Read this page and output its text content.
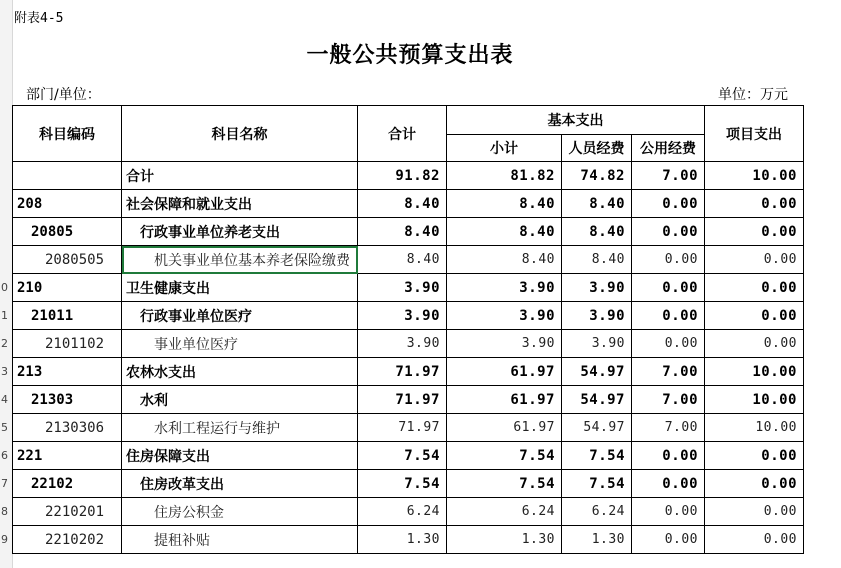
0
1
2
3
4
5
6
7
8
9
附表4-5
一般公共预算支出表
部门/单位：	单位：万元
科目编码	科目名称	合计	基本支出			项目支出
			小计	人员经费	公用经费	
	合计	91.82	81.82	74.82	7.00	10.00
208	社会保障和就业支出	8.40	8.40	8.40	0.00	0.00
20805	行政事业单位养老支出	8.40	8.40	8.40	0.00	0.00
2080505	机关事业单位基本养老保险缴费	8.40	8.40	8.40	0.00	0.00
210	卫生健康支出	3.90	3.90	3.90	0.00	0.00
21011	行政事业单位医疗	3.90	3.90	3.90	0.00	0.00
2101102	事业单位医疗	3.90	3.90	3.90	0.00	0.00
213	农林水支出	71.97	61.97	54.97	7.00	10.00
21303	水利	71.97	61.97	54.97	7.00	10.00
2130306	水利工程运行与维护	71.97	61.97	54.97	7.00	10.00
221	住房保障支出	7.54	7.54	7.54	0.00	0.00
22102	住房改革支出	7.54	7.54	7.54	0.00	0.00
2210201	住房公积金	6.24	6.24	6.24	0.00	0.00
2210202	提租补贴	1.30	1.30	1.30	0.00	0.00
